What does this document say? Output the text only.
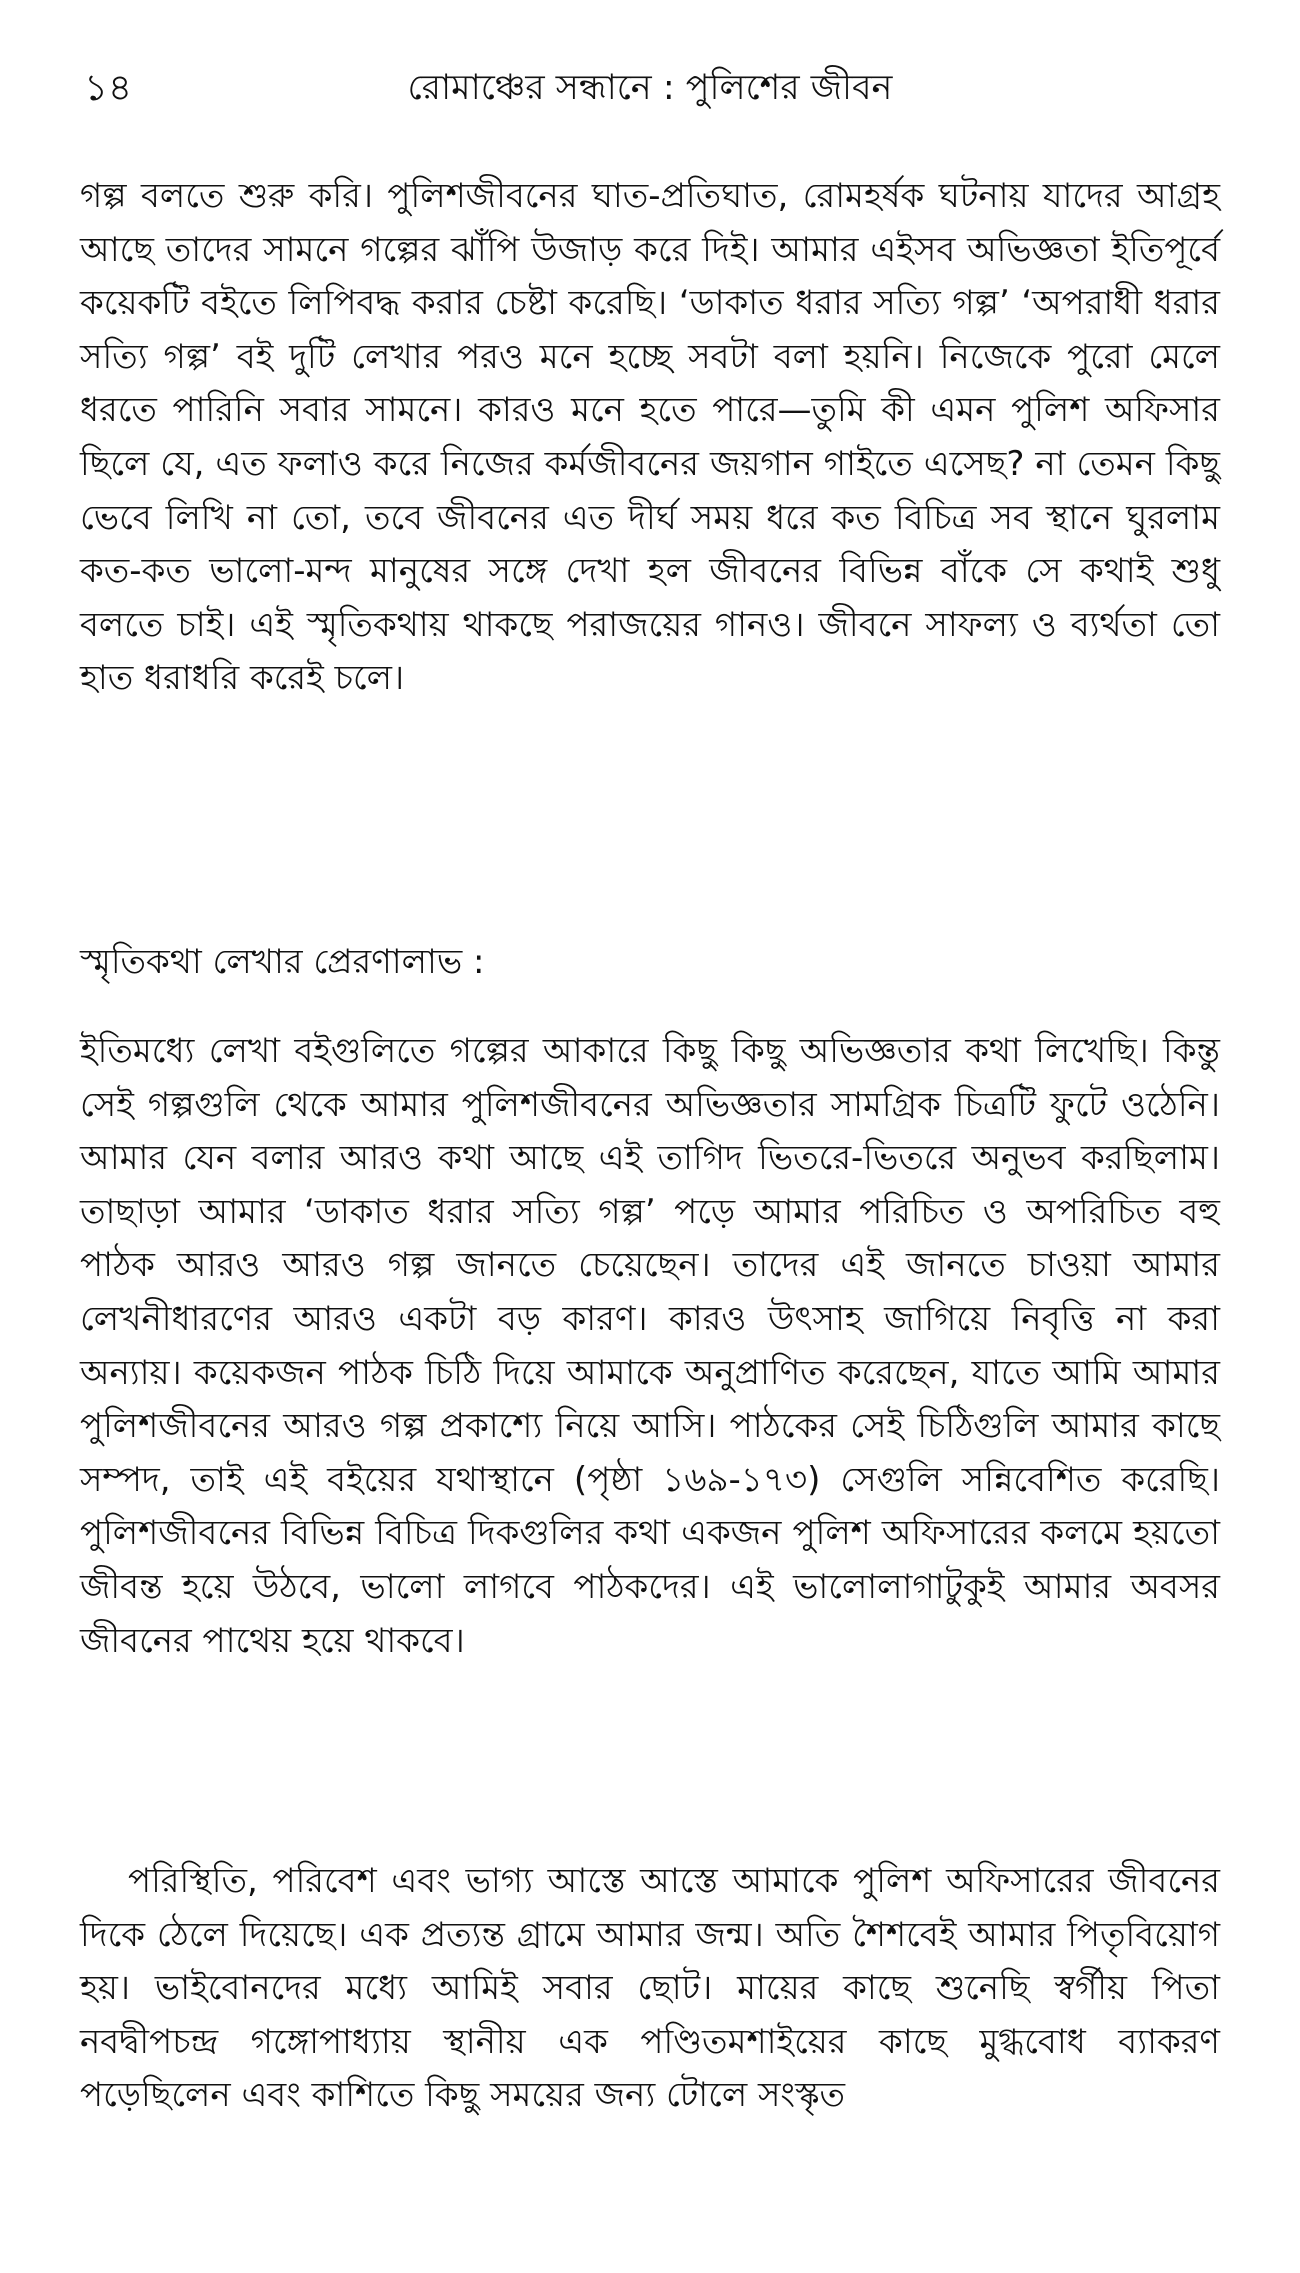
১৪	রোমাঞ্চের সন্ধানে : পুলিশের জীবন

গল্প বলতে শুরু করি। পুলিশজীবনের ঘাত-প্রতিঘাত, রোমহর্ষক ঘটনায় যাদের আগ্রহ আছে তাদের সামনে গল্পের ঝাঁপি উজাড় করে দিই। আমার এইসব অভিজ্ঞতা ইতিপূর্বে কয়েকটি বইতে লিপিবদ্ধ করার চেষ্টা করেছি। ‘ডাকাত ধরার সত্যি গল্প’ ‘অপরাধী ধরার সত্যি গল্প’ বই দুটি লেখার পরও মনে হচ্ছে সবটা বলা হয়নি। নিজেকে পুরো মেলে ধরতে পারিনি সবার সামনে। কারও মনে হতে পারে—তুমি কী এমন পুলিশ অফিসার ছিলে যে, এত ফলাও করে নিজের কর্মজীবনের জয়গান গাইতে এসেছ? না তেমন কিছু ভেবে লিখি না তো, তবে জীবনের এত দীর্ঘ সময় ধরে কত বিচিত্র সব স্থানে ঘুরলাম কত-কত ভালো-মন্দ মানুষের সঙ্গে দেখা হল জীবনের বিভিন্ন বাঁকে সে কথাই শুধু বলতে চাই। এই স্মৃতিকথায় থাকছে পরাজয়ের গানও। জীবনে সাফল্য ও ব্যর্থতা তো হাত ধরাধরি করেই চলে।

স্মৃতিকথা লেখার প্রেরণালাভ :

ইতিমধ্যে লেখা বইগুলিতে গল্পের আকারে কিছু কিছু অভিজ্ঞতার কথা লিখেছি। কিন্তু সেই গল্পগুলি থেকে আমার পুলিশজীবনের অভিজ্ঞতার সামগ্রিক চিত্রটি ফুটে ওঠেনি। আমার যেন বলার আরও কথা আছে এই তাগিদ ভিতরে-ভিতরে অনুভব করছিলাম। তাছাড়া আমার ‘ডাকাত ধরার সত্যি গল্প’ পড়ে আমার পরিচিত ও অপরিচিত বহু পাঠক আরও আরও গল্প জানতে চেয়েছেন। তাদের এই জানতে চাওয়া আমার লেখনীধারণের আরও একটা বড় কারণ। কারও উৎসাহ জাগিয়ে নিবৃত্তি না করা অন্যায়। কয়েকজন পাঠক চিঠি দিয়ে আমাকে অনুপ্রাণিত করেছেন, যাতে আমি আমার পুলিশজীবনের আরও গল্প প্রকাশ্যে নিয়ে আসি। পাঠকের সেই চিঠিগুলি আমার কাছে সম্পদ, তাই এই বইয়ের যথাস্থানে (পৃষ্ঠা ১৬৯-১৭৩) সেগুলি সন্নিবেশিত করেছি। পুলিশজীবনের বিভিন্ন বিচিত্র দিকগুলির কথা একজন পুলিশ অফিসারের কলমে হয়তো জীবন্ত হয়ে উঠবে, ভালো লাগবে পাঠকদের। এই ভালোলাগাটুকুই আমার অবসর জীবনের পাথেয় হয়ে থাকবে।

পরিস্থিতি, পরিবেশ এবং ভাগ্য আস্তে আস্তে আমাকে পুলিশ অফিসারের জীবনের দিকে ঠেলে দিয়েছে। এক প্রত্যন্ত গ্রামে আমার জন্ম। অতি শৈশবেই আমার পিতৃবিয়োগ হয়। ভাইবোনদের মধ্যে আমিই সবার ছোট। মায়ের কাছে শুনেছি স্বর্গীয় পিতা নবদ্বীপচন্দ্র গঙ্গোপাধ্যায় স্থানীয় এক পণ্ডিতমশাইয়ের কাছে মুগ্ধবোধ ব্যাকরণ পড়েছিলেন এবং কাশিতে কিছু সময়ের জন্য টোলে সংস্কৃত
